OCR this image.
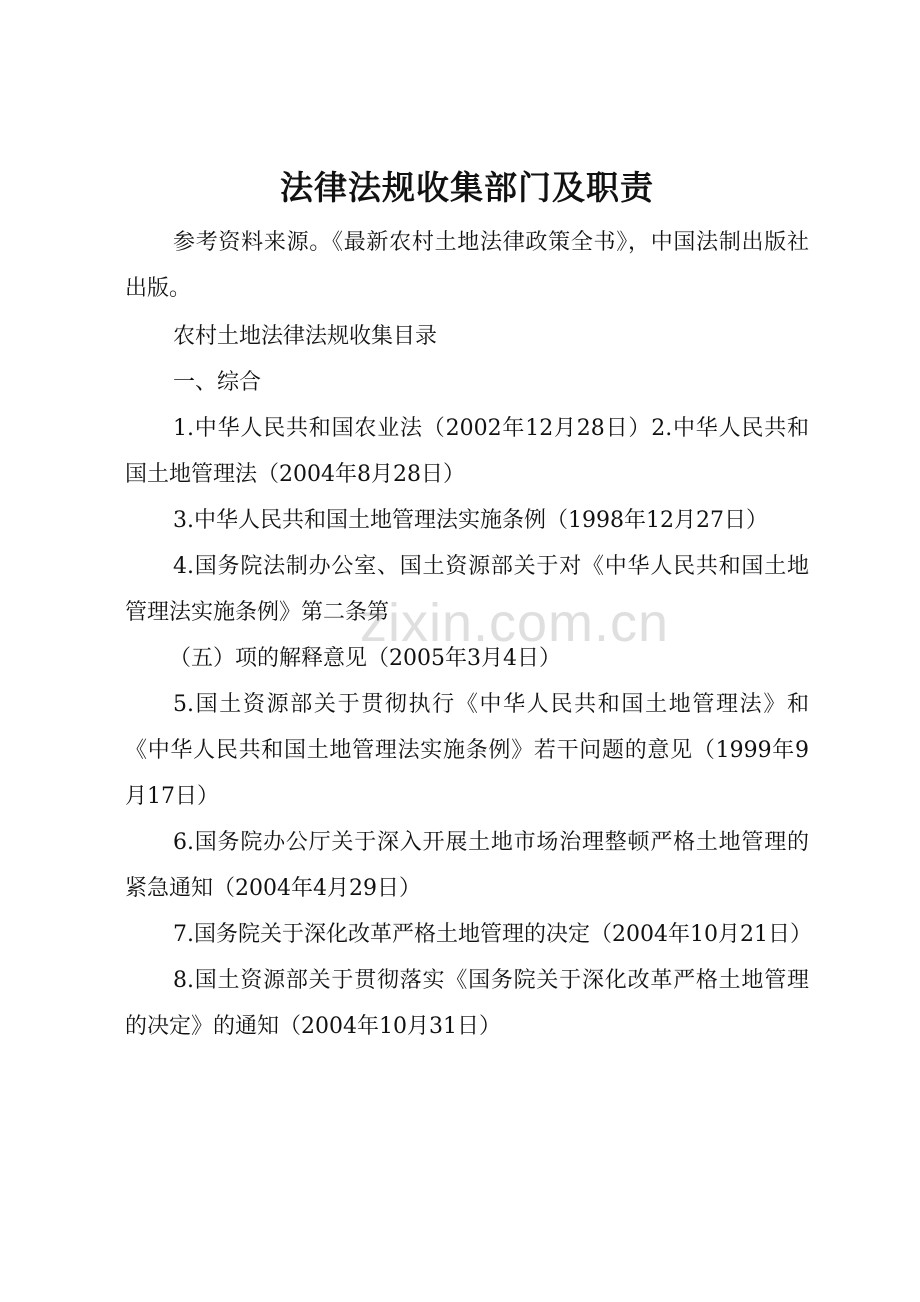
法律法规收集部门及职责

参考资料来源。《最新农村土地法律政策全书》，中国法制出版社出版。

农村土地法律法规收集目录

一、综合

1.中华人民共和国农业法（2002年12月28日）2.中华人民共和国土地管理法（2004年8月28日）

3.中华人民共和国土地管理法实施条例（1998年12月27日）

4.国务院法制办公室、国土资源部关于对《中华人民共和国土地管理法实施条例》第二条第

（五）项的解释意见（2005年3月4日）

5.国土资源部关于贯彻执行《中华人民共和国土地管理法》和《中华人民共和国土地管理法实施条例》若干问题的意见（1999年9月17日）

6.国务院办公厅关于深入开展土地市场治理整顿严格土地管理的紧急通知（2004年4月29日）

7.国务院关于深化改革严格土地管理的决定（2004年10月21日）

8.国土资源部关于贯彻落实《国务院关于深化改革严格土地管理的决定》的通知（2004年10月31日）

zixin.com.cn
